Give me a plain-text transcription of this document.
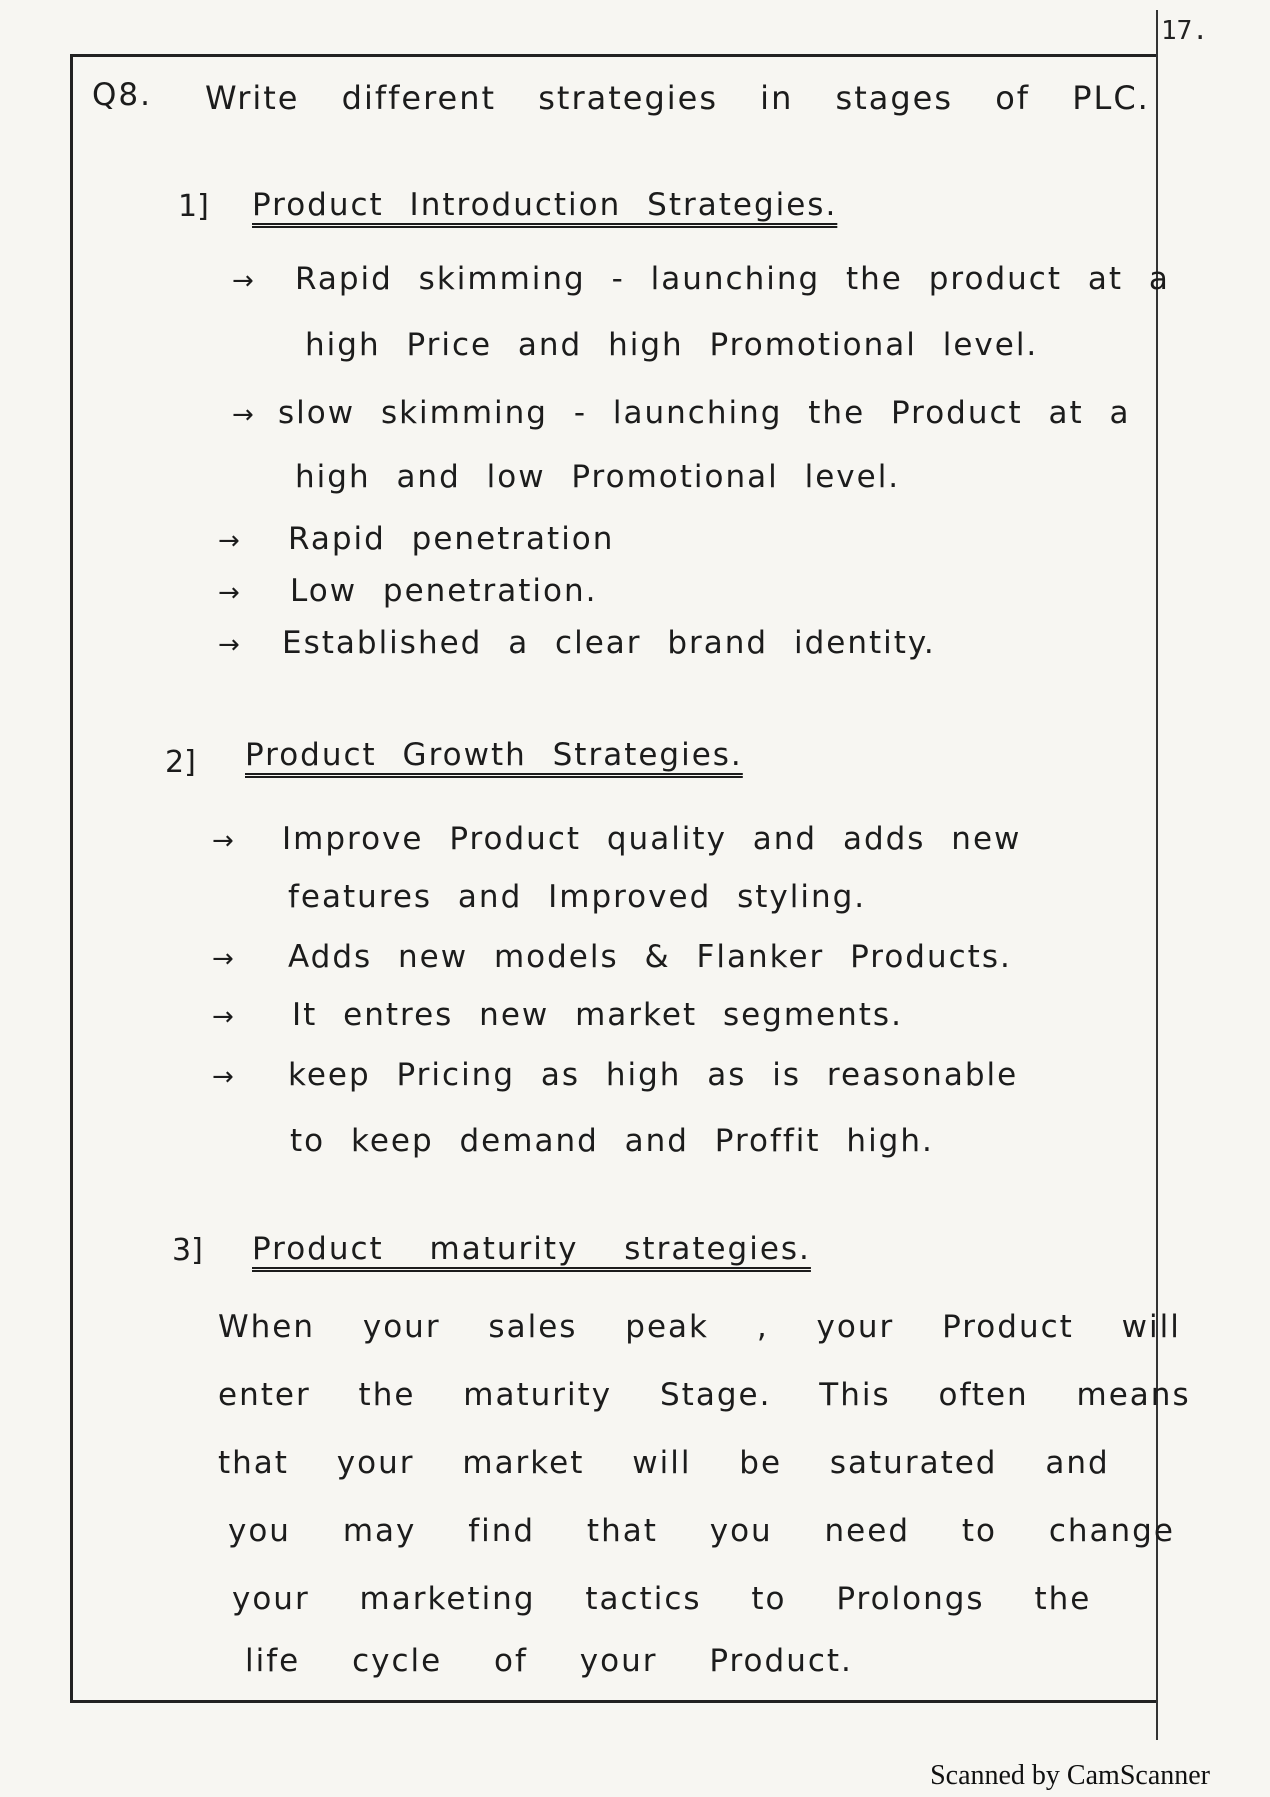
17.
Q8. Write different strategies in stages of PLC.
1] Product Introduction Strategies.
→ Rapid skimming - launching the product at a
high Price and high Promotional level.
→ slow skimming - launching the Product at a
high and low Promotional level.
→ Rapid penetration
→ Low penetration.
→ Established a clear brand identity.
2] Product Growth Strategies.
→ Improve Product quality and adds new
features and Improved styling.
→ Adds new models & Flanker Products.
→ It entres new market segments.
→ keep Pricing as high as is reasonable
to keep demand and Proffit high.
3] Product maturity strategies.
When your sales peak , your Product will
enter the maturity Stage. This often means
that your market will be saturated and
you may find that you need to change
your marketing tactics to Prolongs the
life cycle of your Product.
Scanned by CamScanner
